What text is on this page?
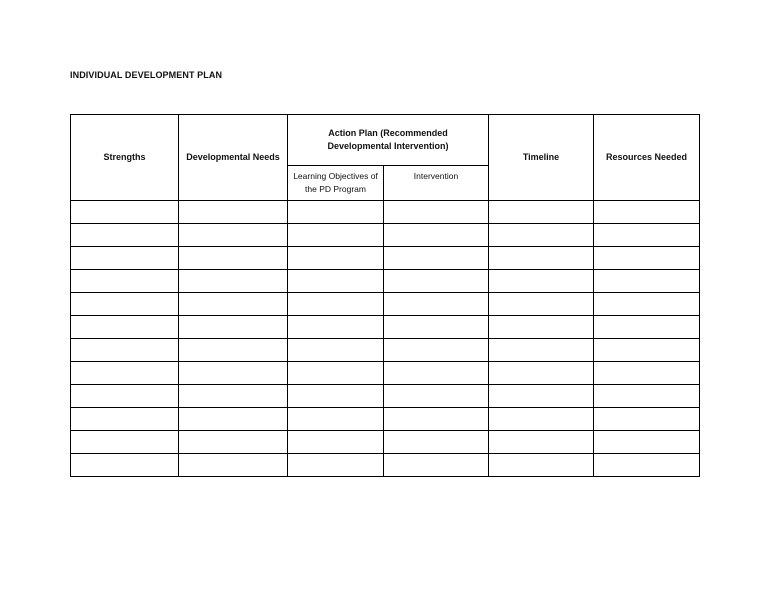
INDIVIDUAL DEVELOPMENT PLAN
Strengths	Developmental Needs	Action Plan (Recommended Developmental Intervention)		Timeline	Resources Needed
		Learning Objectives of the PD Program	Intervention		
